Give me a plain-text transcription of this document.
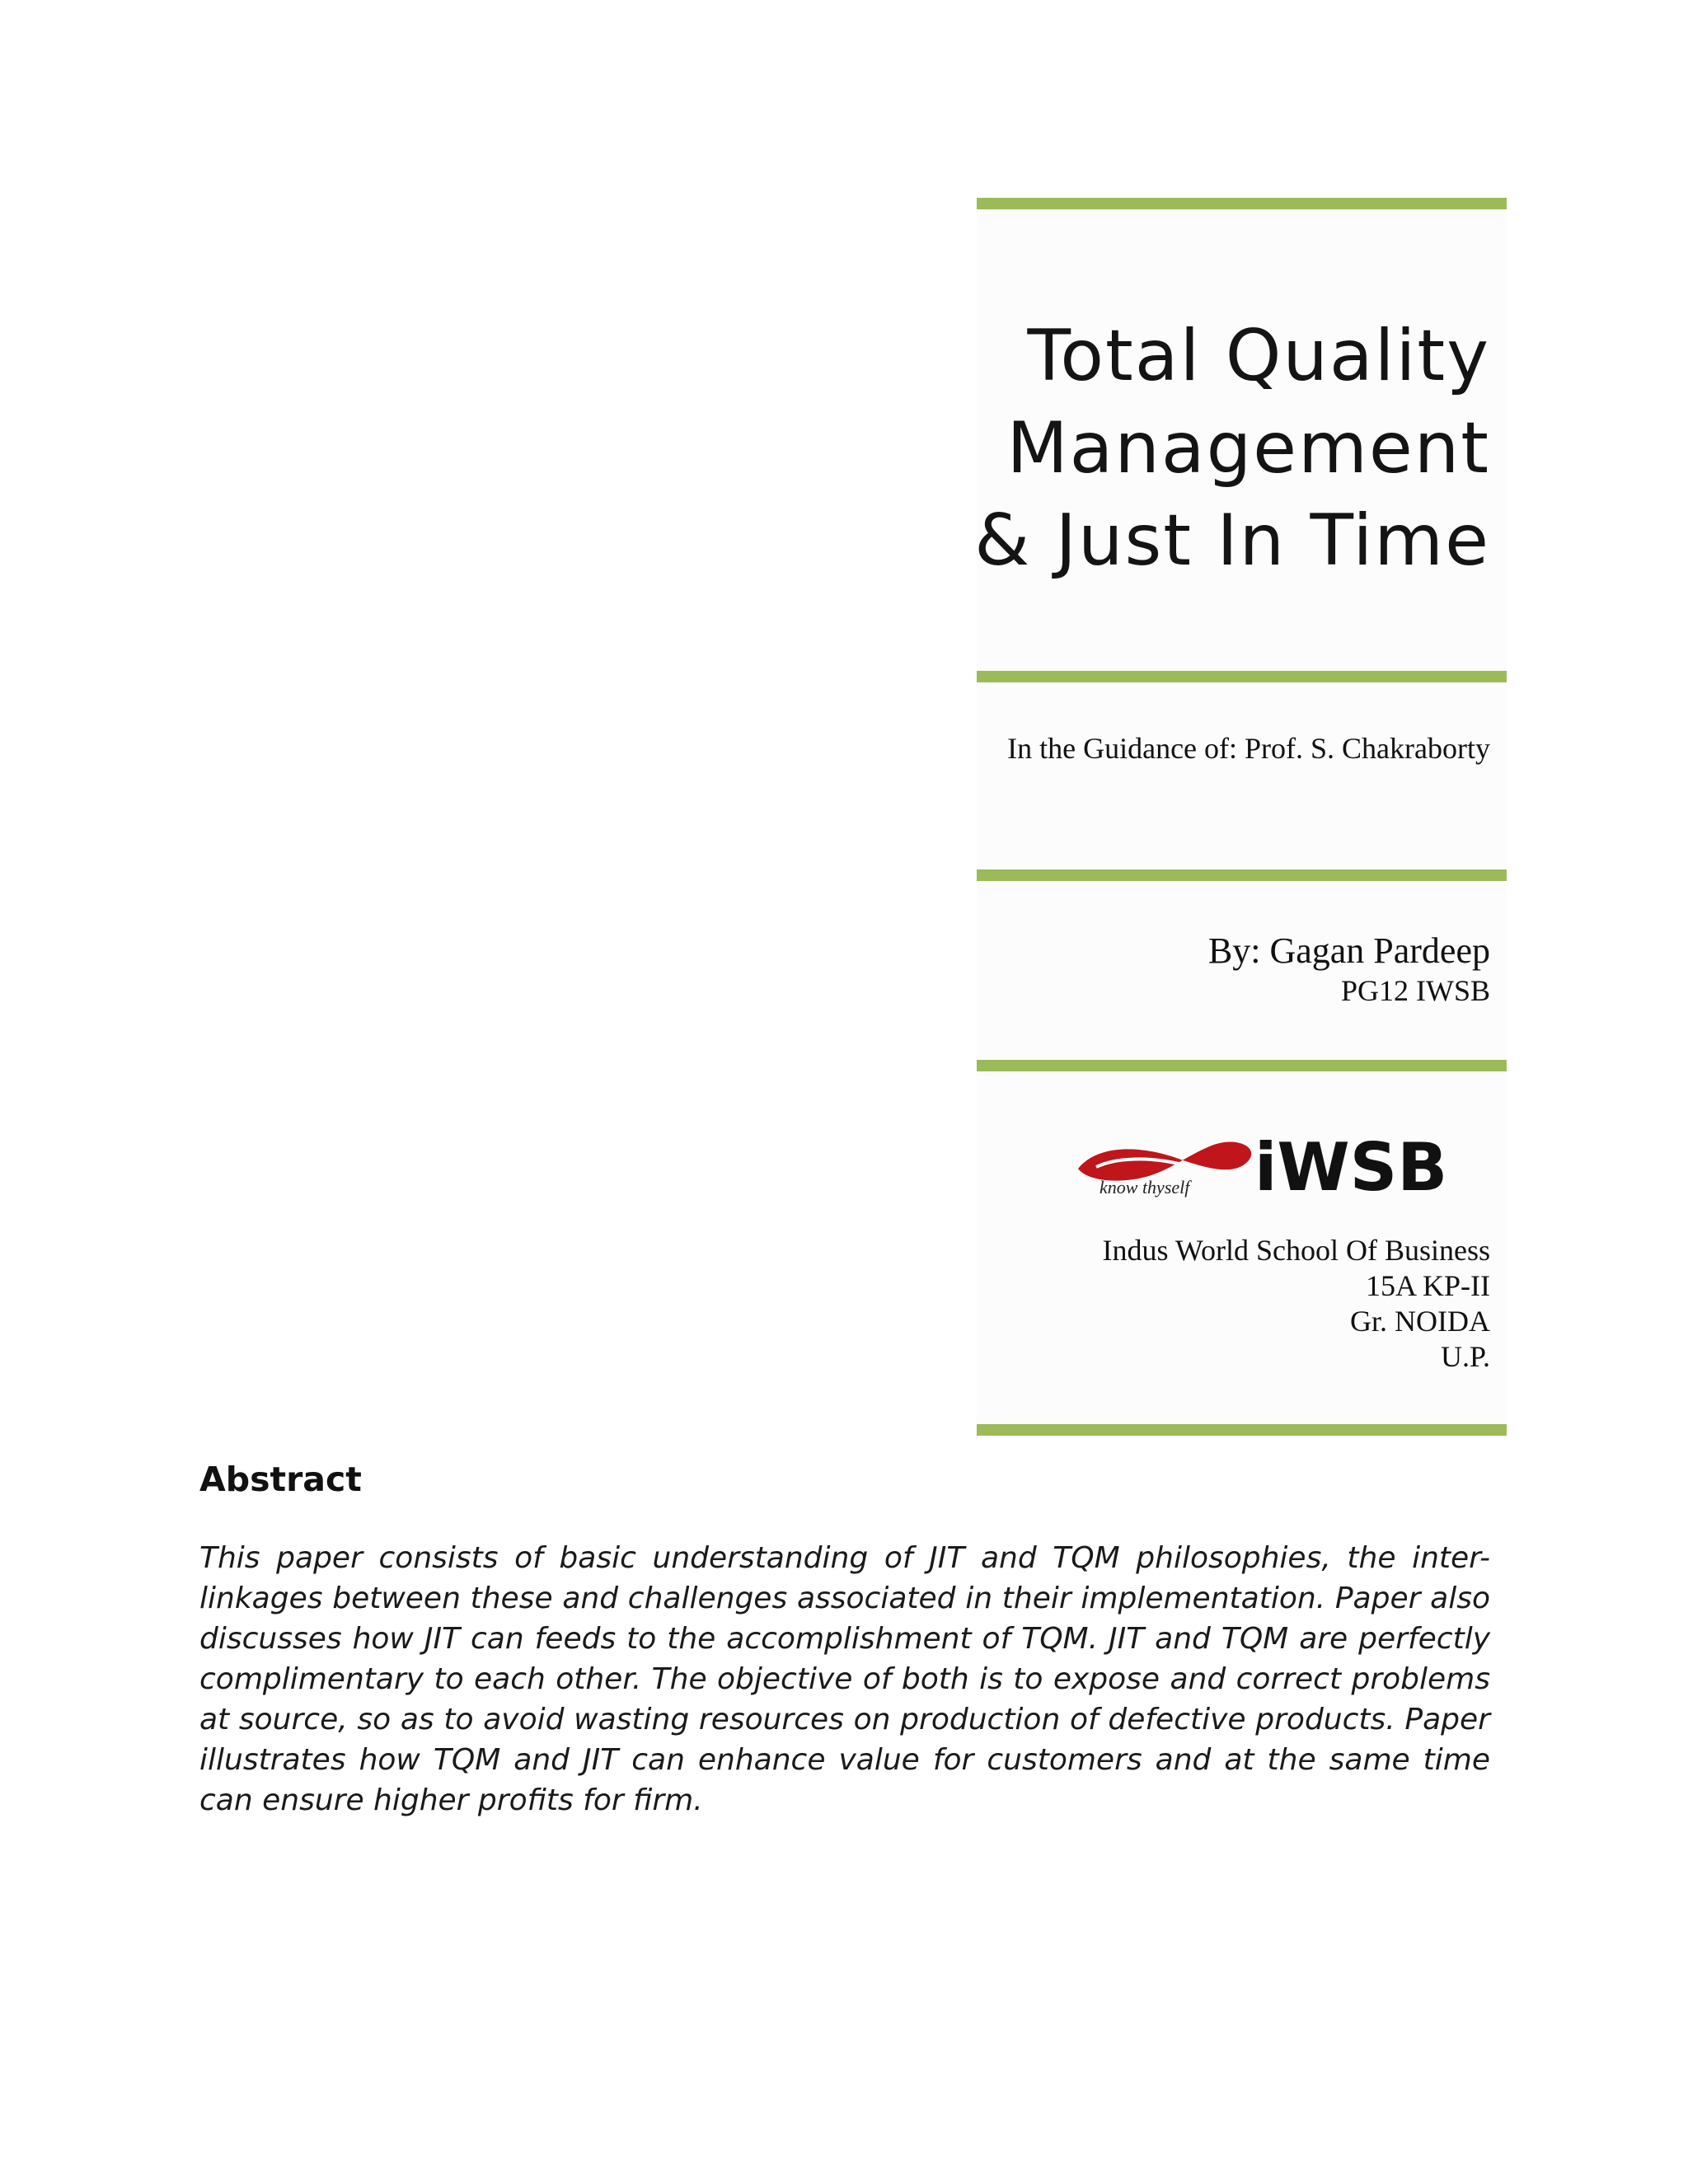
Total Quality
Management
& Just In Time
In the Guidance of: Prof. S. Chakraborty
By: Gagan Pardeep
PG12 IWSB
know thyself iWSB
Indus World School Of Business
15A KP-II
Gr. NOIDA
U.P.
Abstract

This paper consists of basic understanding of JIT and TQM philosophies, the inter-linkages between these and challenges associated in their implementation. Paper also discusses how JIT can feeds to the accomplishment of TQM. JIT and TQM are perfectly complimentary to each other. The objective of both is to expose and correct problems at source, so as to avoid wasting resources on production of defective products. Paper illustrates how TQM and JIT can enhance value for customers and at the same time can ensure higher profits for firm.
